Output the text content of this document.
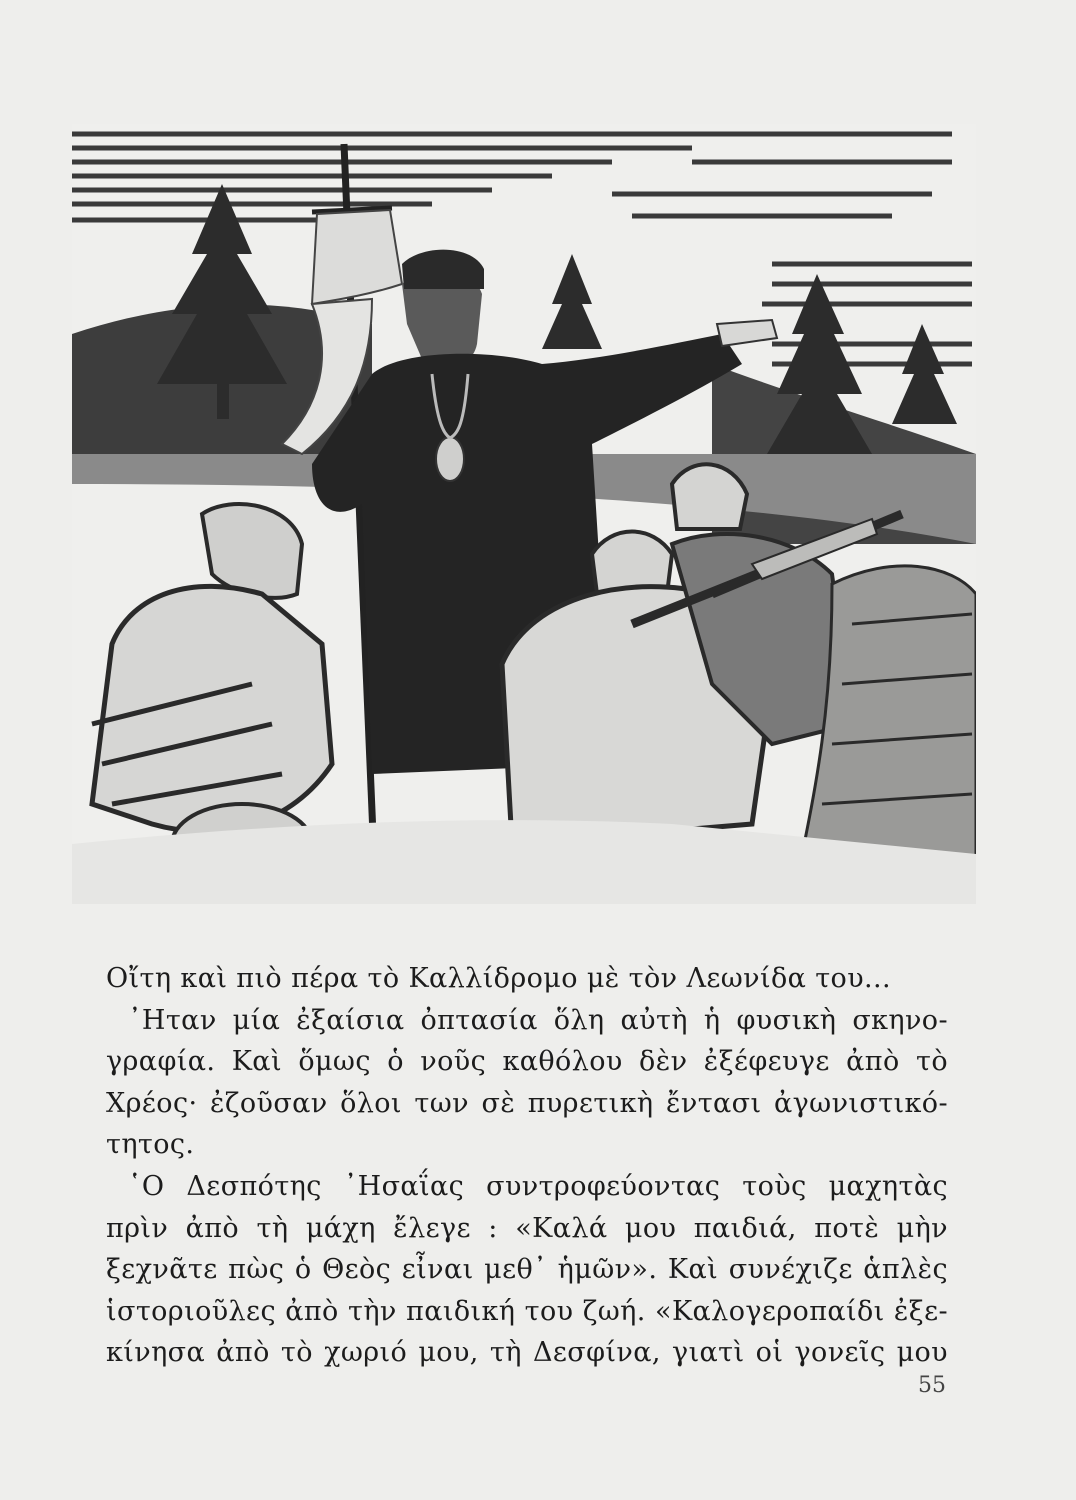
Οἴτη καὶ πιὸ πέρα τὸ Καλλίδρομο μὲ τὸν Λεωνίδα του...
᾿Ηταν μία ἐξαίσια ὀπτασία ὅλη αὐτὴ ἡ φυσικὴ σκηνο-
γραφία. Καὶ ὅμως ὁ νοῦς καθόλου δὲν ἐξέφευγε ἀπὸ τὸ
Χρέος· ἐζοῦσαν ὅλοι των σὲ πυρετικὴ ἔντασι ἀγωνιστικό-
τητος.
῾Ο Δεσπότης ᾿Ησαΐας συντροφεύοντας τοὺς μαχητὰς
πρὶν ἀπὸ τὴ μάχη ἔλεγε : «Καλά μου παιδιά, ποτὲ μὴν
ξεχνᾶτε πὼς ὁ Θεὸς εἶναι μεθ᾿ ἡμῶν». Καὶ συνέχιζε ἁπλὲς
ἱστοριοῦλες ἀπὸ τὴν παιδική του ζωή. «Καλογεροπαίδι ἐξε-
κίνησα ἀπὸ τὸ χωριό μου, τὴ Δεσφίνα, γιατὶ οἱ γονεῖς μου
55
